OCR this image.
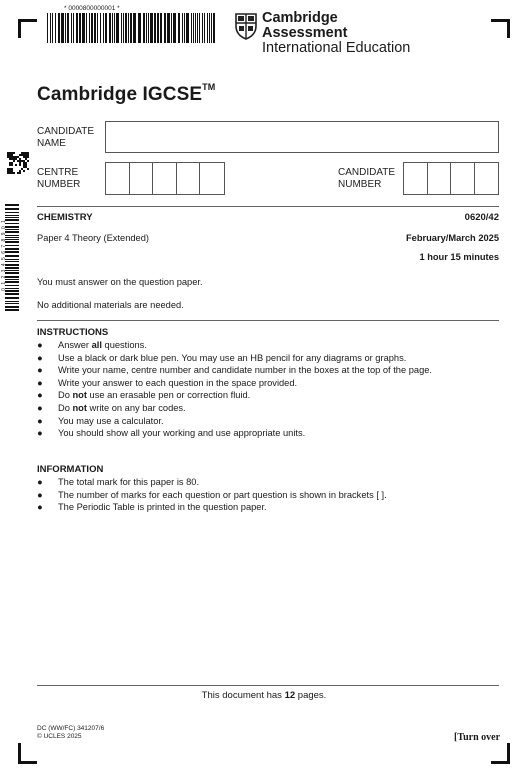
* 0000800000001 *
Cambridge Assessment
International Education
Cambridge IGCSE™
0 1 2 3 4 5 6 7 8 9 0 1
CANDIDATE
NAME
CENTRE
NUMBER
CANDIDATE
NUMBER
CHEMISTRY	0620/42
Paper 4 Theory (Extended)	February/March 2025
1 hour 15 minutes
You must answer on the question paper.
No additional materials are needed.
INSTRUCTIONS
● Answer all questions.
● Use a black or dark blue pen. You may use an HB pencil for any diagrams or graphs.
● Write your name, centre number and candidate number in the boxes at the top of the page.
● Write your answer to each question in the space provided.
● Do not use an erasable pen or correction fluid.
● Do not write on any bar codes.
● You may use a calculator.
● You should show all your working and use appropriate units.
INFORMATION
● The total mark for this paper is 80.
● The number of marks for each question or part question is shown in brackets [ ].
● The Periodic Table is printed in the question paper.
This document has 12 pages.
DC (WW/FC) 341207/6
© UCLES 2025	[Turn over
